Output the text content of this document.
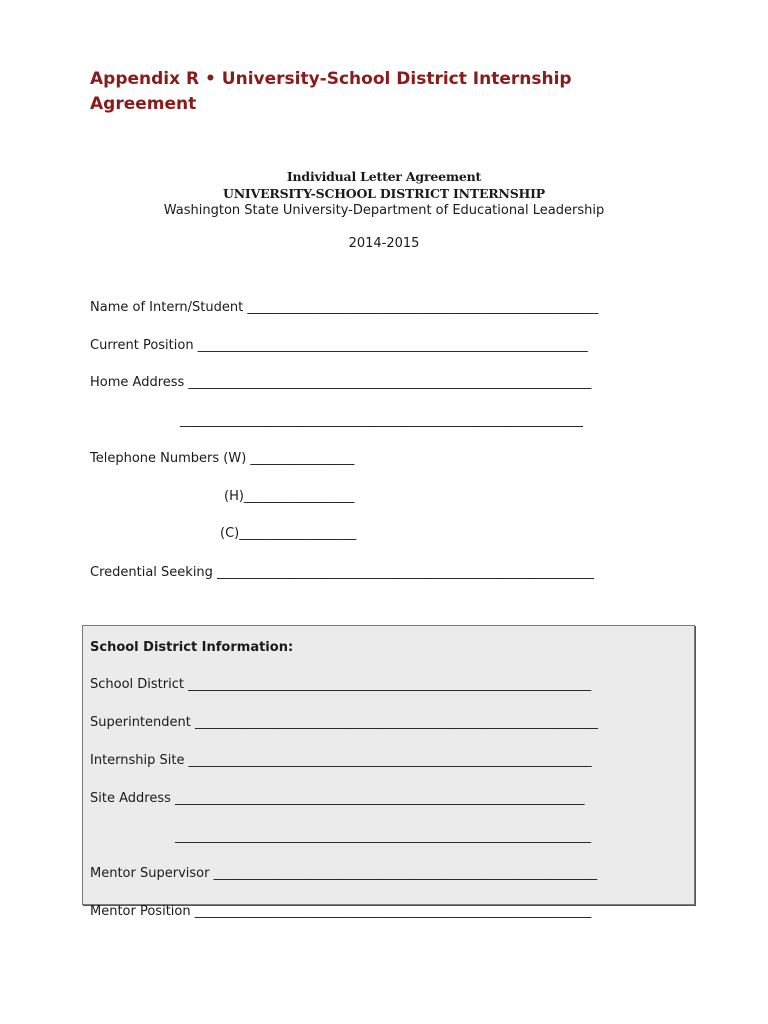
Appendix R • University-School District Internship Agreement
Individual Letter Agreement
UNIVERSITY-SCHOOL DISTRICT INTERNSHIP
Washington State University-Department of Educational Leadership
2014-2015
Name of Intern/Student ______________________________________________________
Current Position ____________________________________________________________
Home Address ______________________________________________________________
______________________________________________________________
Telephone Numbers (W) ________________
(H)_________________
(C)__________________
Credential Seeking __________________________________________________________
School District Information:
School District ______________________________________________________________
Superintendent ______________________________________________________________
Internship Site ______________________________________________________________
Site Address _______________________________________________________________
________________________________________________________________
Mentor Supervisor ___________________________________________________________
Mentor Position _____________________________________________________________
